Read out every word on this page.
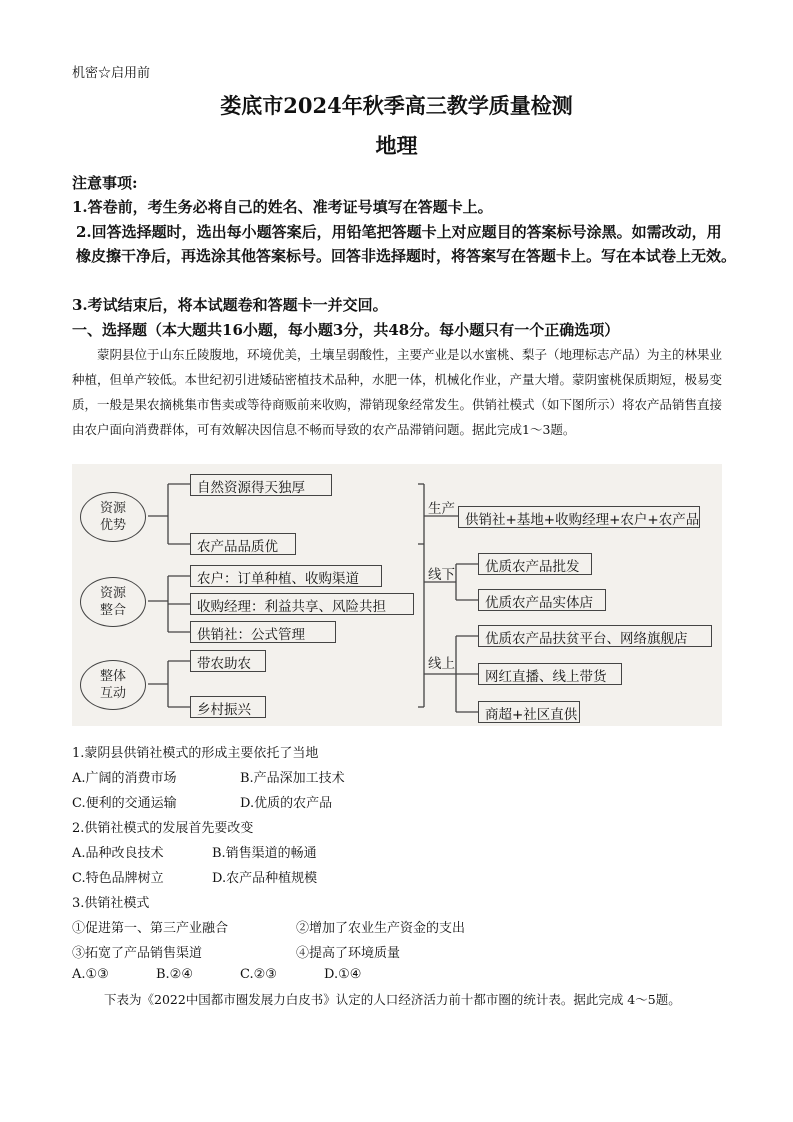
机密☆启用前
娄底市2024年秋季高三教学质量检测
地理
注意事项:
1.答卷前，考生务必将自己的姓名、准考证号填写在答题卡上。
2.回答选择题时，选出每小题答案后，用铅笔把答题卡上对应题目的答案标号涂黑。如需改动，用橡皮擦干净后，再选涂其他答案标号。回答非选择题时，将答案写在答题卡上。写在本试卷上无效。
3.考试结束后，将本试题卷和答题卡一并交回。
一、选择题（本大题共16小题，每小题3分，共48分。每小题只有一个正确选项）
蒙阴县位于山东丘陵腹地，环境优美，土壤呈弱酸性，主要产业是以水蜜桃、梨子（地理标志产品）为主的林果业种植，但单产较低。本世纪初引进矮砧密植技术品种，水肥一体，机械化作业，产量大增。蒙阴蜜桃保质期短，极易变质，一般是果农摘桃集市售卖或等待商贩前来收购，滞销现象经常发生。供销社模式（如下图所示）将农产品销售直接由农户面向消费群体，可有效解决因信息不畅而导致的农产品滞销问题。据此完成1～3题。
资源优势
资源整合
整体互动
自然资源得天独厚
农产品品质优
农户：订单种植、收购渠道
收购经理：利益共享、风险共担
供销社：公式管理
带农助农
乡村振兴
生产
线下
线上
供销社+基地+收购经理+农户+农产品
优质农产品批发
优质农产品实体店
优质农产品扶贫平台、网络旗舰店
网红直播、线上带货
商超+社区直供
1.蒙阴县供销社模式的形成主要依托了当地
A.广阔的消费市场	B.产品深加工技术
C.便利的交通运输	D.优质的农产品
2.供销社模式的发展首先要改变
A.品种改良技术	B.销售渠道的畅通
C.特色品牌树立	D.农产品种植规模
3.供销社模式
①促进第一、第三产业融合	②增加了农业生产资金的支出
③拓宽了产品销售渠道	④提高了环境质量
A.①③	B.②④	C.②③	D.①④
下表为《2022中国都市圈发展力白皮书》认定的人口经济活力前十都市圈的统计表。据此完成 4～5题。
